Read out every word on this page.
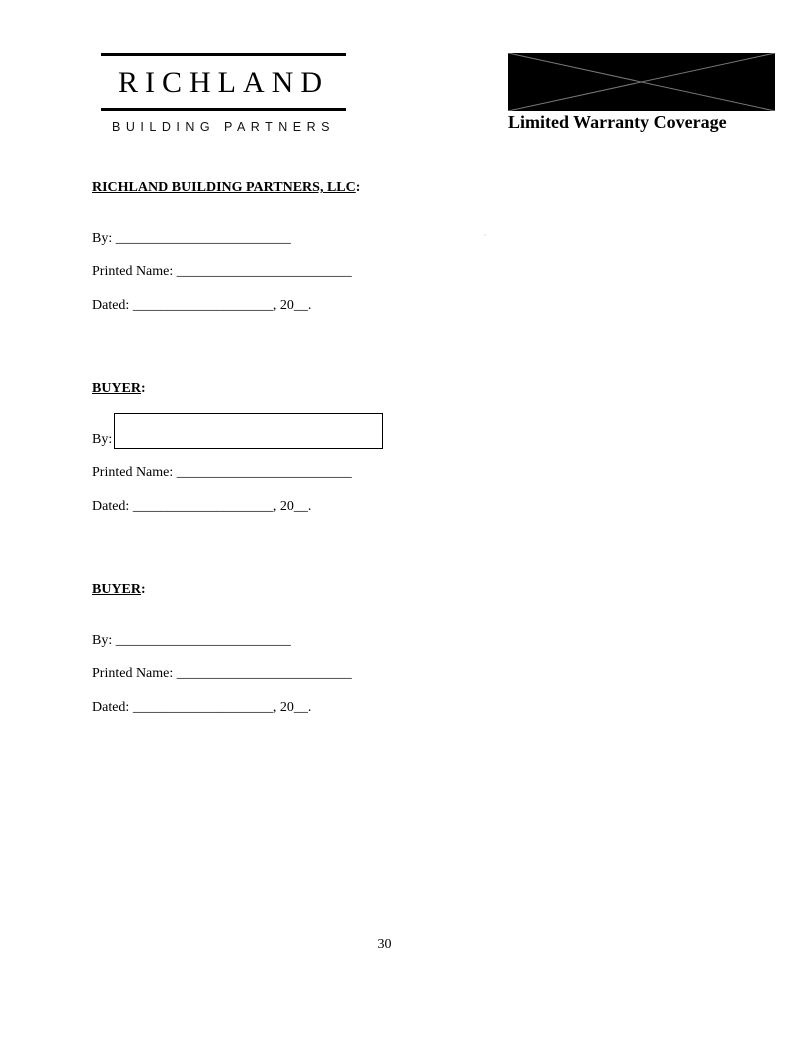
RICHLAND
BUILDING PARTNERS	Limited Warranty Coverage
RICHLAND BUILDING PARTNERS, LLC:
By: _________________________
Printed Name: _________________________
Dated: ____________________, 20__.
BUYER:
By:
Printed Name: _________________________
Dated: ____________________, 20__.
BUYER:
By: _________________________
Printed Name: _________________________
Dated: ____________________, 20__.
30
